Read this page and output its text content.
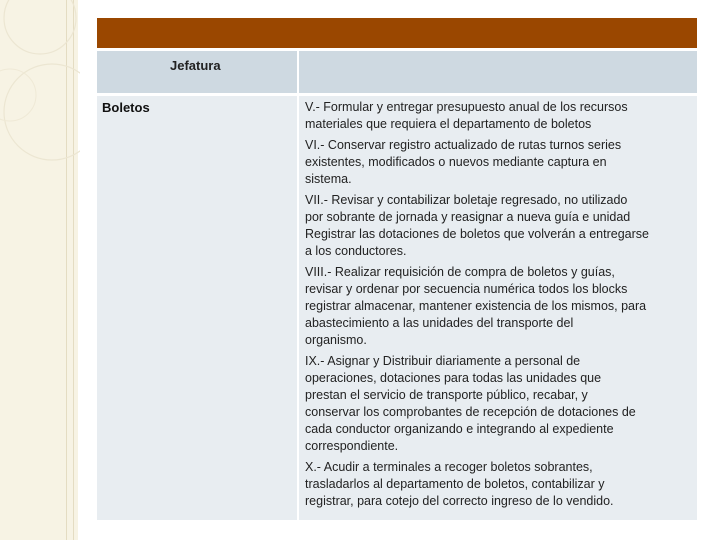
Jefatura
Boletos	V.- Formular y entregar presupuesto anual de los recursos
materiales que requiera el departamento de boletos
VI.- Conservar registro actualizado de rutas turnos series
existentes, modificados o nuevos mediante captura en
sistema.
VII.- Revisar y contabilizar boletaje regresado, no utilizado
por sobrante de jornada y reasignar a nueva guía e unidad
Registrar las dotaciones de boletos que volverán a entregarse
a los conductores.
VIII.- Realizar requisición de compra de boletos y guías,
revisar y ordenar por secuencia numérica todos los blocks
registrar almacenar, mantener existencia de los mismos, para
abastecimiento a las unidades del transporte del
organismo.
IX.- Asignar y Distribuir diariamente a personal de
operaciones, dotaciones para todas las unidades que
prestan el servicio de transporte público, recabar, y
conservar los comprobantes de recepción de dotaciones de
cada conductor organizando e integrando al expediente
correspondiente.
X.- Acudir a terminales a recoger boletos sobrantes,
trasladarlos al departamento de boletos, contabilizar y
registrar, para cotejo del correcto ingreso de lo vendido.
